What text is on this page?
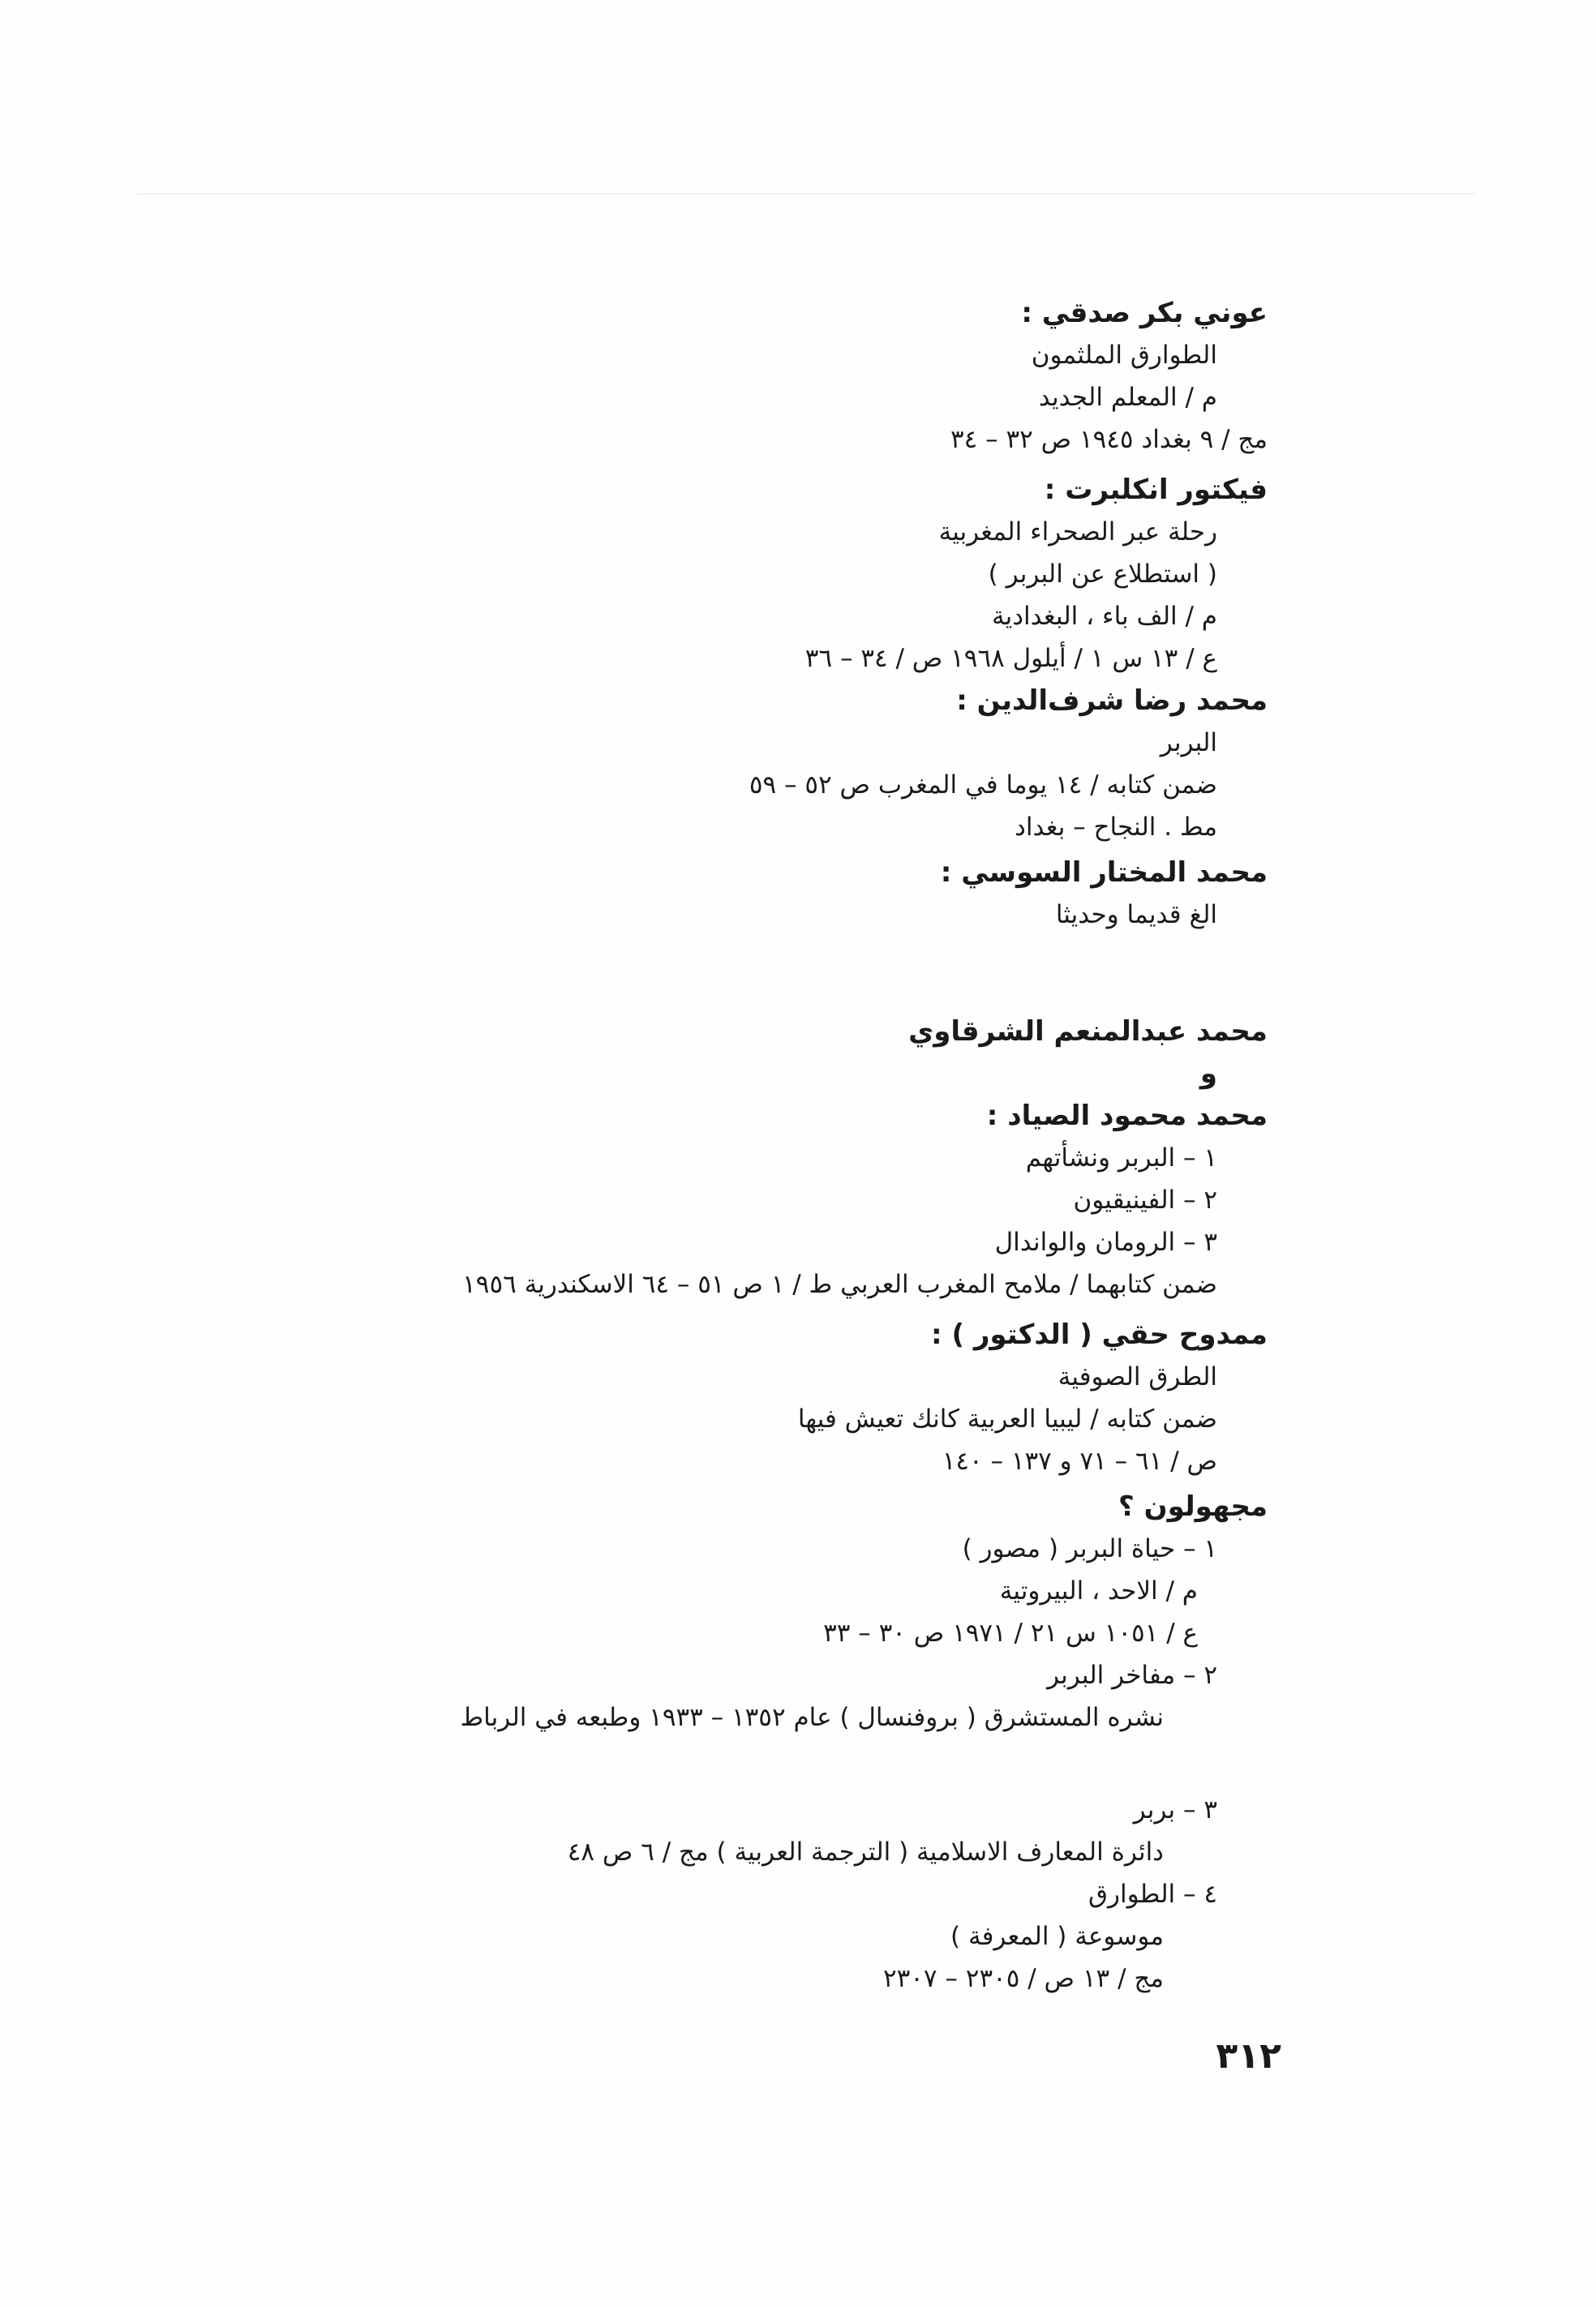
عوني بكر صدقي :
الطوارق الملثمون
م / المعلم الجديد
مج / ٩ بغداد ١٩٤٥ ص ٣٢ – ٣٤
فيكتور انكلبرت :
رحلة عبر الصحراء المغربية
( استطلاع عن البربر )
م / الف باء ، البغدادية
ع / ١٣ س ١ / أيلول ١٩٦٨ ص / ٣٤ – ٣٦
محمد رضا شرف‌الدين :
البربر
ضمن كتابه / ١٤ يوما في المغرب ص ٥٢ – ٥٩
مط . النجاح – بغداد
محمد المختار السوسي :
الغ قديما وحديثا
محمد عبدالمنعم الشرقاوي
و
محمد محمود الصياد :
١ – البربر ونشأتهم
٢ – الفينيقيون
٣ – الرومان والواندال
ضمن كتابهما / ملامح المغرب العربي ط / ١ ص ٥١ – ٦٤ الاسكندرية ١٩٥٦
ممدوح حقي ( الدكتور ) :
الطرق الصوفية
ضمن كتابه / ليبيا العربية كانك تعيش فيها
ص / ٦١ – ٧١ و ١٣٧ – ١٤٠
مجهولون ؟
١ – حياة البربر ( مصور )
م / الاحد ، البيروتية
ع / ١٠٥١ س ٢١ / ١٩٧١ ص ٣٠ – ٣٣
٢ – مفاخر البربر
نشره المستشرق ( بروفنسال ) عام ١٣٥٢ – ١٩٣٣ وطبعه في الرباط
٣ – بربر
دائرة المعارف الاسلامية ( الترجمة العربية ) مج / ٦ ص ٤٨
٤ – الطوارق
موسوعة ( المعرفة )
مج / ١٣ ص / ٢٣٠٥ – ٢٣٠٧
٣١٢
